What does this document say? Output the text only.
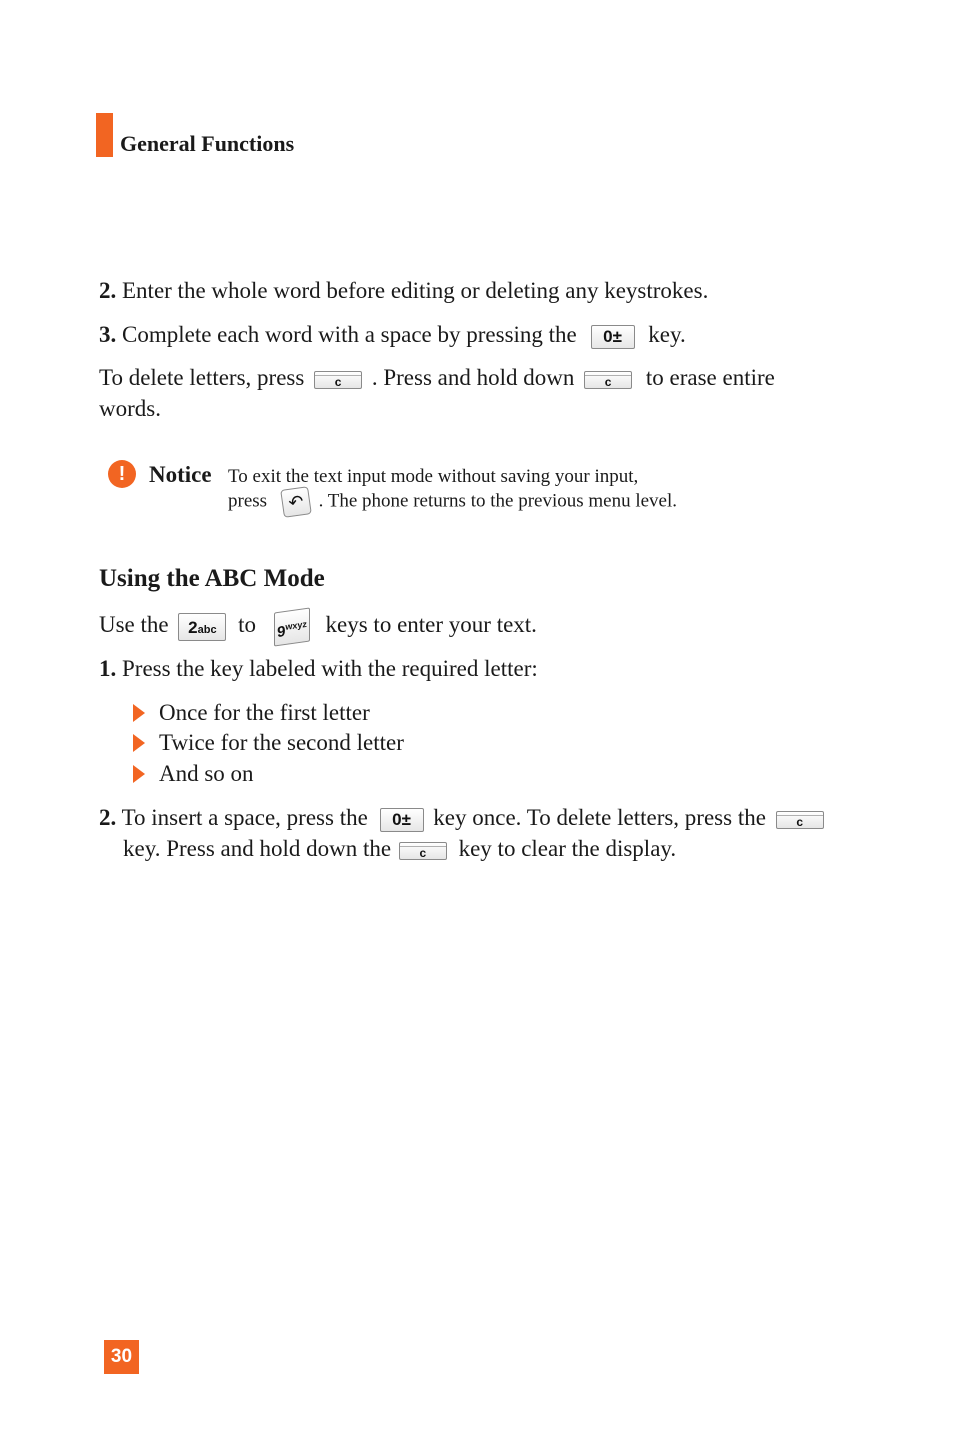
General Functions
2. Enter the whole word before editing or deleting any keystrokes.
3. Complete each word with a space by pressing the 0± key.
To delete letters, press	c . Press and hold down	c to erase entire
words.
!	Notice To exit the text input mode without saving your input,
press ↶ . The phone returns to the previous menu level.
Using the ABC Mode
Use the 2abc to $9^{wxyz}$ keys to enter your text.
1. Press the key labeled with the required letter:
Once for the first letter
Twice for the second letter
And so on
2. To insert a space, press the 0± key once. To delete letters, press the	c
key. Press and hold down the c key to clear the display.
30
